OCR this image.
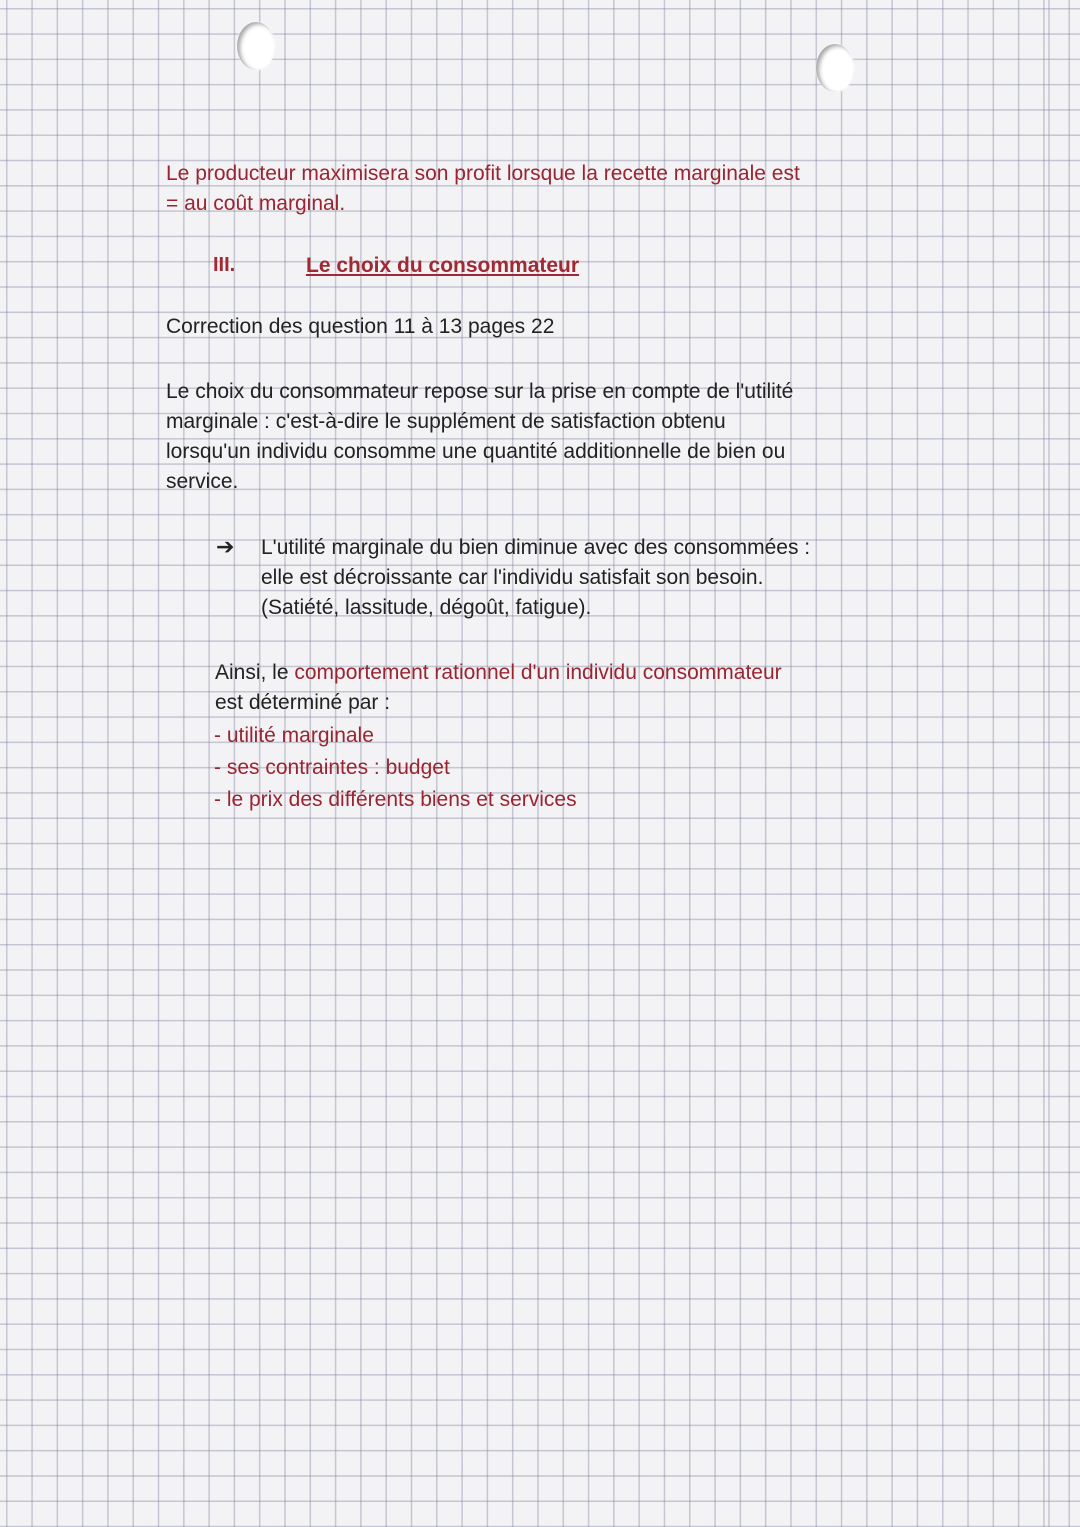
Le producteur maximisera son profit lorsque la recette marginale est

= au coût marginal.

III.	Le choix du consommateur
Correction des question 11 à 13 pages 22

Le choix du consommateur repose sur la prise en compte de l'utilité

marginale : c'est-à-dire le supplément de satisfaction obtenu

lorsqu'un individu consomme une quantité additionnelle de bien ou

service.

➔ L'utilité marginale du bien diminue avec des consommées :

elle est décroissante car l'individu satisfait son besoin.

(Satiété, lassitude, dégoût, fatigue).

Ainsi, le comportement rationnel d'un individu consommateur

est déterminé par :

- utilité marginale
- ses contraintes : budget
- le prix des différents biens et services
